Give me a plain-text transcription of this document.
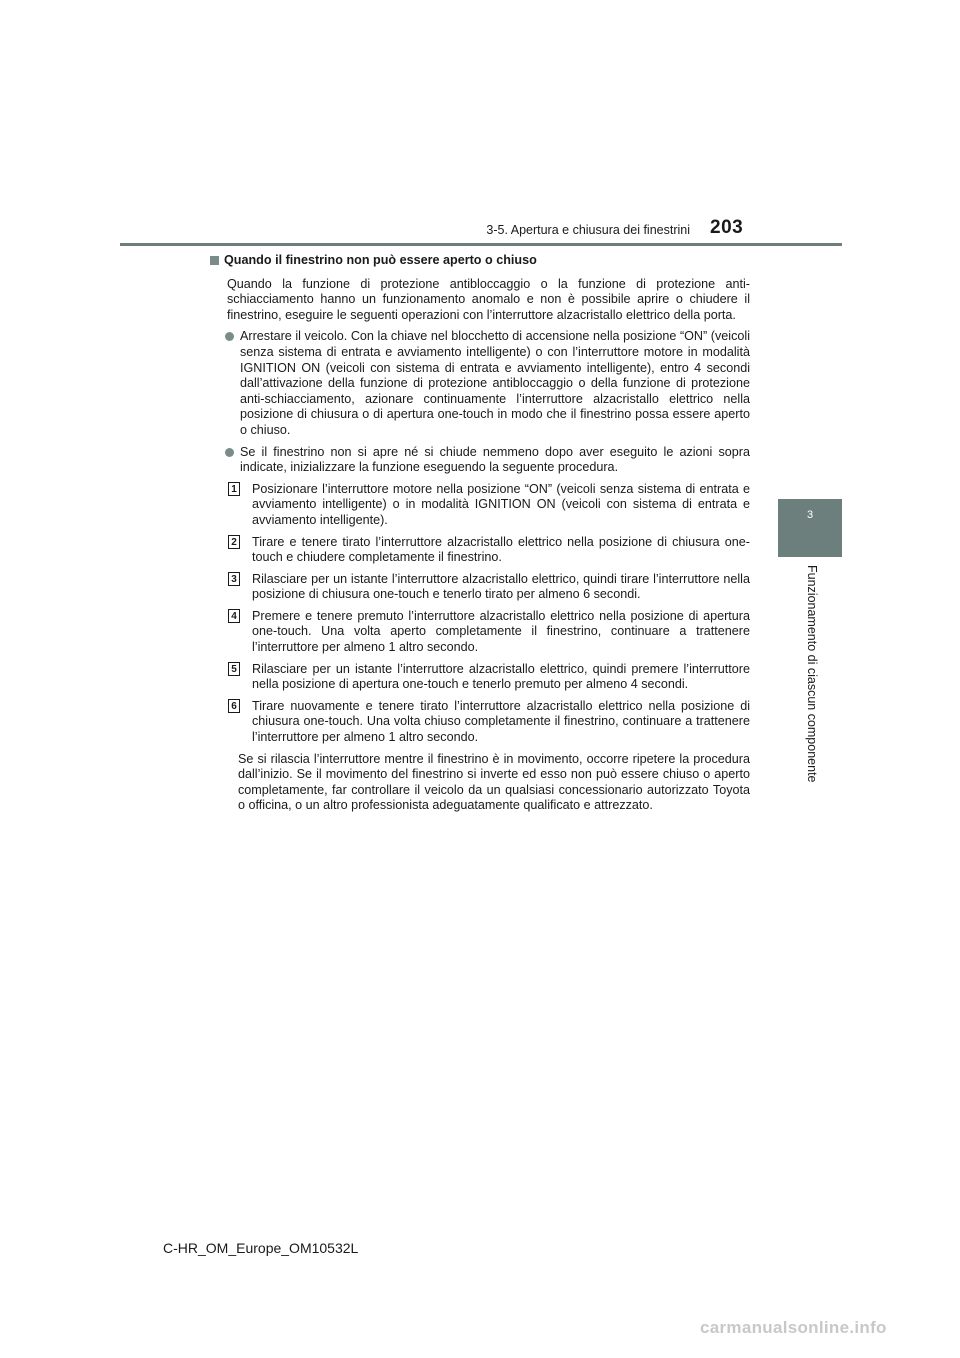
3-5. Apertura e chiusura dei finestrini 203
3
Funzionamento di ciascun componente
Quando il finestrino non può essere aperto o chiuso

Quando la funzione di protezione antibloccaggio o la funzione di protezione anti-schiacciamento hanno un funzionamento anomalo e non è possibile aprire o chiudere il finestrino, eseguire le seguenti operazioni con l’interruttore alzacristallo elettrico della porta.

Arrestare il veicolo. Con la chiave nel blocchetto di accensione nella posizione “ON” (veicoli senza sistema di entrata e avviamento intelligente) o con l’interruttore motore in modalità IGNITION ON (veicoli con sistema di entrata e avviamento intelligente), entro 4 secondi dall’attivazione della funzione di protezione antibloccaggio o della funzione di protezione anti-schiacciamento, azionare continuamente l’interruttore alzacristallo elettrico nella posizione di chiusura o di apertura one-touch in modo che il finestrino possa essere aperto o chiuso.
Se il finestrino non si apre né si chiude nemmeno dopo aver eseguito le azioni sopra indicate, inizializzare la funzione eseguendo la seguente procedura.
1 Posizionare l’interruttore motore nella posizione “ON” (veicoli senza sistema di entrata e avviamento intelligente) o in modalità IGNITION ON (veicoli con sistema di entrata e avviamento intelligente).
2 Tirare e tenere tirato l’interruttore alzacristallo elettrico nella posizione di chiusura one-touch e chiudere completamente il finestrino.
3 Rilasciare per un istante l’interruttore alzacristallo elettrico, quindi tirare l’interruttore nella posizione di chiusura one-touch e tenerlo tirato per almeno 6 secondi.
4 Premere e tenere premuto l’interruttore alzacristallo elettrico nella posizione di apertura one-touch. Una volta aperto completamente il finestrino, continuare a trattenere l’interruttore per almeno 1 altro secondo.
5 Rilasciare per un istante l’interruttore alzacristallo elettrico, quindi premere l’interruttore nella posizione di apertura one-touch e tenerlo premuto per almeno 4 secondi.
6 Tirare nuovamente e tenere tirato l’interruttore alzacristallo elettrico nella posizione di chiusura one-touch. Una volta chiuso completamente il finestrino, continuare a trattenere l’interruttore per almeno 1 altro secondo.

Se si rilascia l’interruttore mentre il finestrino è in movimento, occorre ripetere la procedura dall’inizio. Se il movimento del finestrino si inverte ed esso non può essere chiuso o aperto completamente, far controllare il veicolo da un qualsiasi concessionario autorizzato Toyota o officina, o un altro professionista adeguatamente qualificato e attrezzato.

C-HR_OM_Europe_OM10532L
carmanualsonline.info
